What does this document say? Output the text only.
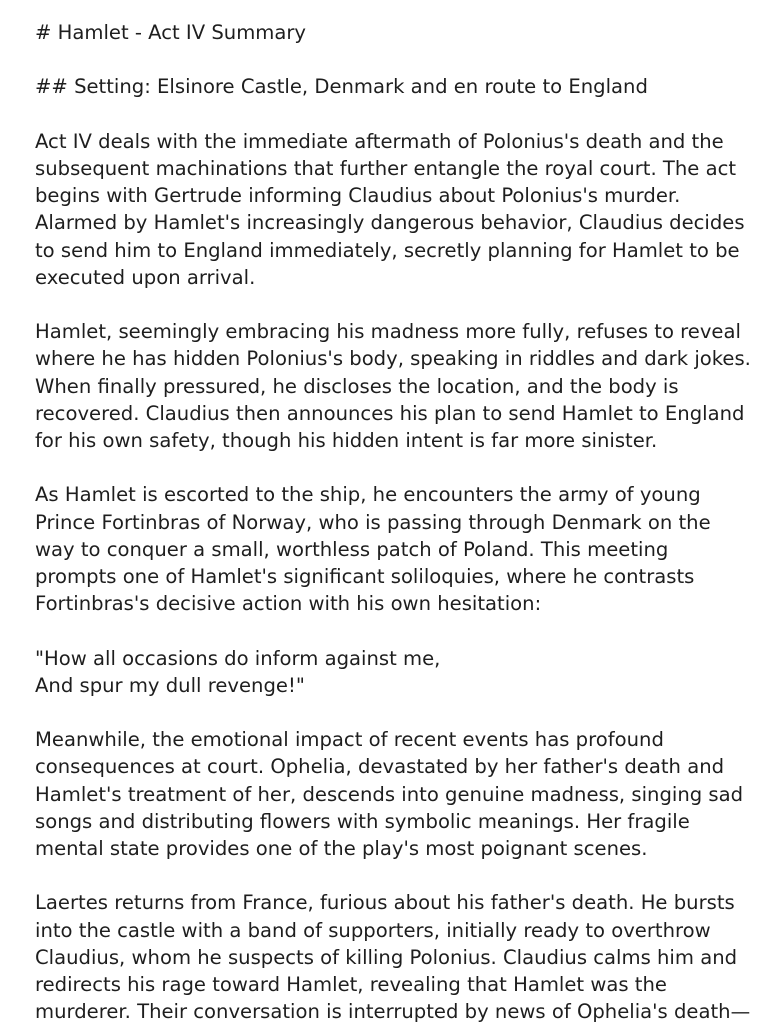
# Hamlet - Act IV Summary
## Setting: Elsinore Castle, Denmark and en route to England
Act IV deals with the immediate aftermath of Polonius's death and the
subsequent machinations that further entangle the royal court. The act
begins with Gertrude informing Claudius about Polonius's murder.
Alarmed by Hamlet's increasingly dangerous behavior, Claudius decides
to send him to England immediately, secretly planning for Hamlet to be
executed upon arrival.
Hamlet, seemingly embracing his madness more fully, refuses to reveal
where he has hidden Polonius's body, speaking in riddles and dark jokes.
When finally pressured, he discloses the location, and the body is
recovered. Claudius then announces his plan to send Hamlet to England
for his own safety, though his hidden intent is far more sinister.
As Hamlet is escorted to the ship, he encounters the army of young
Prince Fortinbras of Norway, who is passing through Denmark on the
way to conquer a small, worthless patch of Poland. This meeting
prompts one of Hamlet's significant soliloquies, where he contrasts
Fortinbras's decisive action with his own hesitation:
"How all occasions do inform against me,
And spur my dull revenge!"
Meanwhile, the emotional impact of recent events has profound
consequences at court. Ophelia, devastated by her father's death and
Hamlet's treatment of her, descends into genuine madness, singing sad
songs and distributing flowers with symbolic meanings. Her fragile
mental state provides one of the play's most poignant scenes.
Laertes returns from France, furious about his father's death. He bursts
into the castle with a band of supporters, initially ready to overthrow
Claudius, whom he suspects of killing Polonius. Claudius calms him and
redirects his rage toward Hamlet, revealing that Hamlet was the
murderer. Their conversation is interrupted by news of Ophelia's death—
